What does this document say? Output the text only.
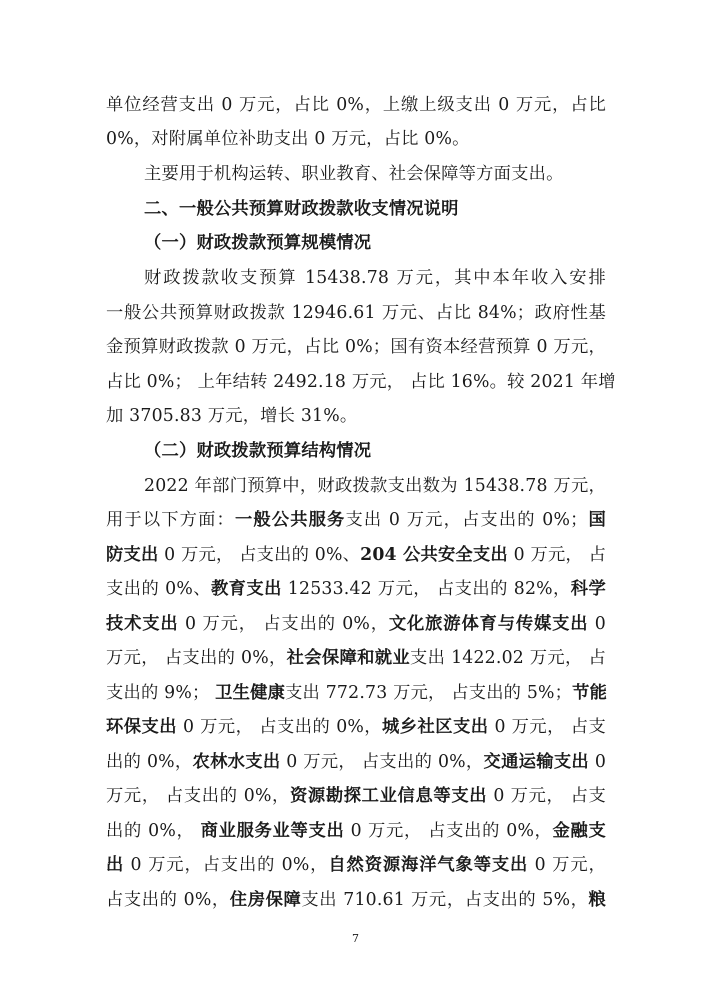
单位经营支出 0 万元，占比 0%，上缴上级支出 0 万元，占比
0%，对附属单位补助支出 0 万元，占比 0%。
主要用于机构运转、职业教育、社会保障等方面支出。
二、一般公共预算财政拨款收支情况说明
（一）财政拨款预算规模情况
财政拨款收支预算 15438.78 万元，其中本年收入安排
一般公共预算财政拨款 12946.61 万元、占比 84%；政府性基
金预算财政拨款 0 万元，占比 0%；国有资本经营预算 0 万元，
占比 0%； 上年结转 2492.18 万元， 占比 16%。较 2021 年增
加 3705.83 万元，增长 31%。
（二）财政拨款预算结构情况
2022 年部门预算中，财政拨款支出数为 15438.78 万元，
用于以下方面：一般公共服务支出 0 万元，占支出的 0%；国
防支出 0 万元， 占支出的 0%、204 公共安全支出 0 万元， 占
支出的 0%、教育支出 12533.42 万元， 占支出的 82%，科学
技术支出 0 万元， 占支出的 0%，文化旅游体育与传媒支出 0
万元， 占支出的 0%，社会保障和就业支出 1422.02 万元， 占
支出的 9%； 卫生健康支出 772.73 万元， 占支出的 5%；节能
环保支出 0 万元， 占支出的 0%，城乡社区支出 0 万元， 占支
出的 0%，农林水支出 0 万元， 占支出的 0%，交通运输支出 0
万元， 占支出的 0%，资源勘探工业信息等支出 0 万元， 占支
出的 0%， 商业服务业等支出 0 万元， 占支出的 0%，金融支
出 0 万元，占支出的 0%，自然资源海洋气象等支出 0 万元，
占支出的 0%，住房保障支出 710.61 万元，占支出的 5%，粮
7
